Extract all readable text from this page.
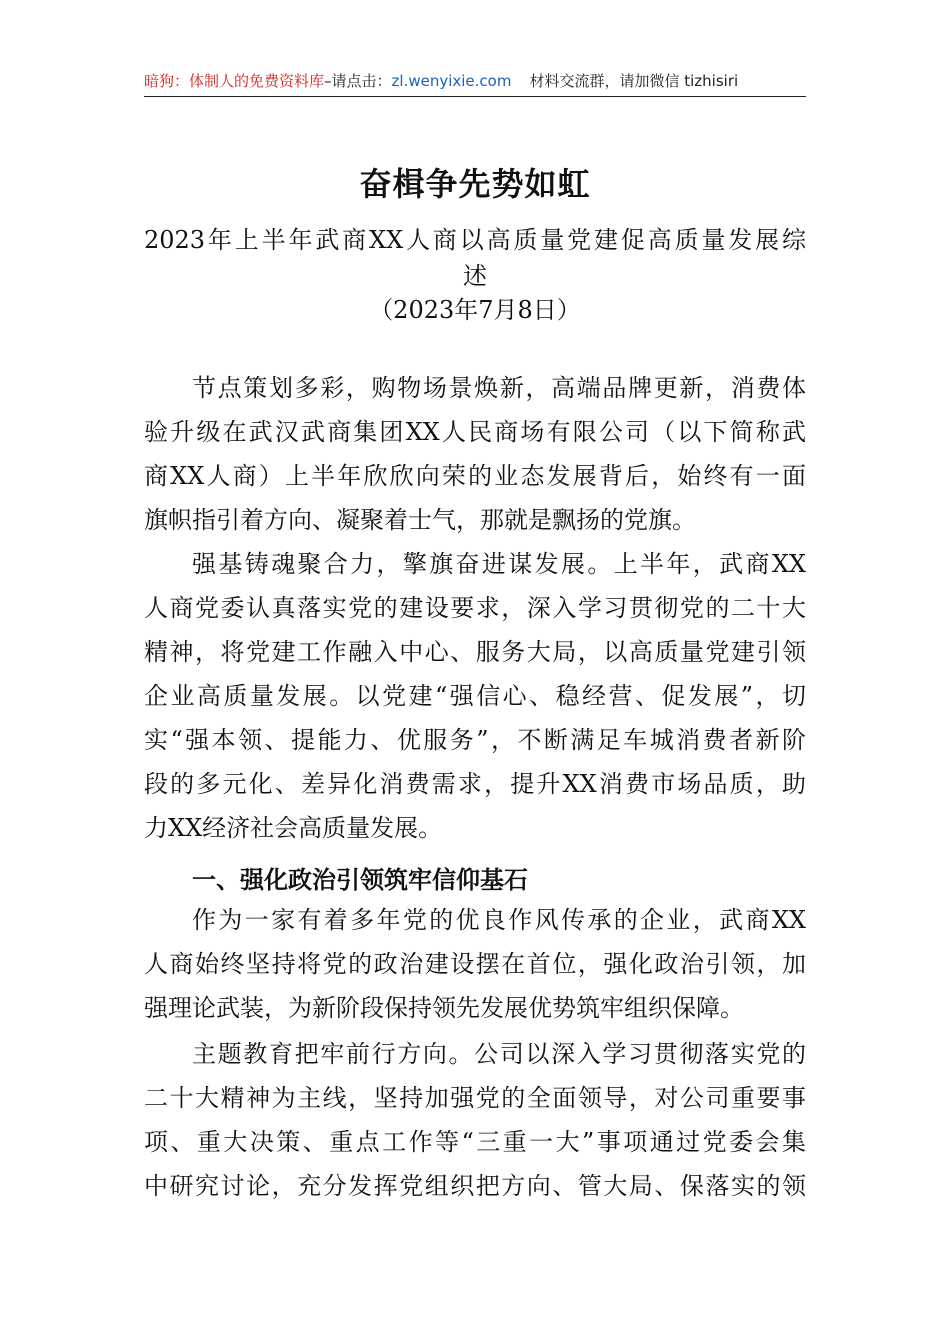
暗狗：体制人的免费资料库–请点击：zl.wenyixie.com 材料交流群，请加微信 tizhisiri
奋楫争先势如虹
2023年上半年武商XX人商以高质量党建促高质量发展综
述
（2023年7月8日）
节点策划多彩，购物场景焕新，高端品牌更新，消费体
验升级在武汉武商集团XX人民商场有限公司（以下简称武
商XX人商）上半年欣欣向荣的业态发展背后，始终有一面
旗帜指引着方向、凝聚着士气，那就是飘扬的党旗。
强基铸魂聚合力，擎旗奋进谋发展。上半年，武商XX
人商党委认真落实党的建设要求，深入学习贯彻党的二十大
精神，将党建工作融入中心、服务大局，以高质量党建引领
企业高质量发展。以党建“强信心、稳经营、促发展”，切
实“强本领、提能力、优服务”，不断满足车城消费者新阶
段的多元化、差异化消费需求，提升XX消费市场品质，助
力XX经济社会高质量发展。
一、强化政治引领筑牢信仰基石
作为一家有着多年党的优良作风传承的企业，武商XX
人商始终坚持将党的政治建设摆在首位，强化政治引领，加
强理论武装，为新阶段保持领先发展优势筑牢组织保障。
主题教育把牢前行方向。公司以深入学习贯彻落实党的
二十大精神为主线，坚持加强党的全面领导，对公司重要事
项、重大决策、重点工作等“三重一大”事项通过党委会集
中研究讨论，充分发挥党组织把方向、管大局、保落实的领
